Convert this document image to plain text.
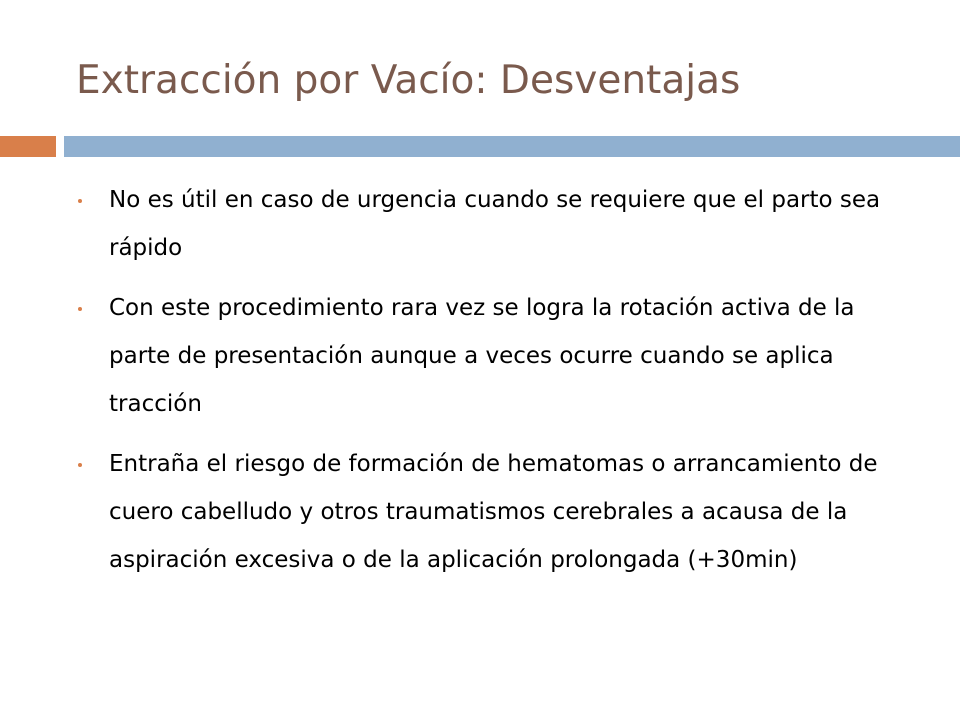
Extracción por Vacío: Desventajas
No es útil en caso de urgencia cuando se requiere que el parto sea rápido
Con este procedimiento rara vez se logra la rotación activa de la parte de presentación aunque a veces ocurre cuando se aplica tracción
Entraña el riesgo de formación de hematomas o arrancamiento de cuero cabelludo y otros traumatismos cerebrales a acausa de la aspiración excesiva o de la aplicación prolongada (+30min)
